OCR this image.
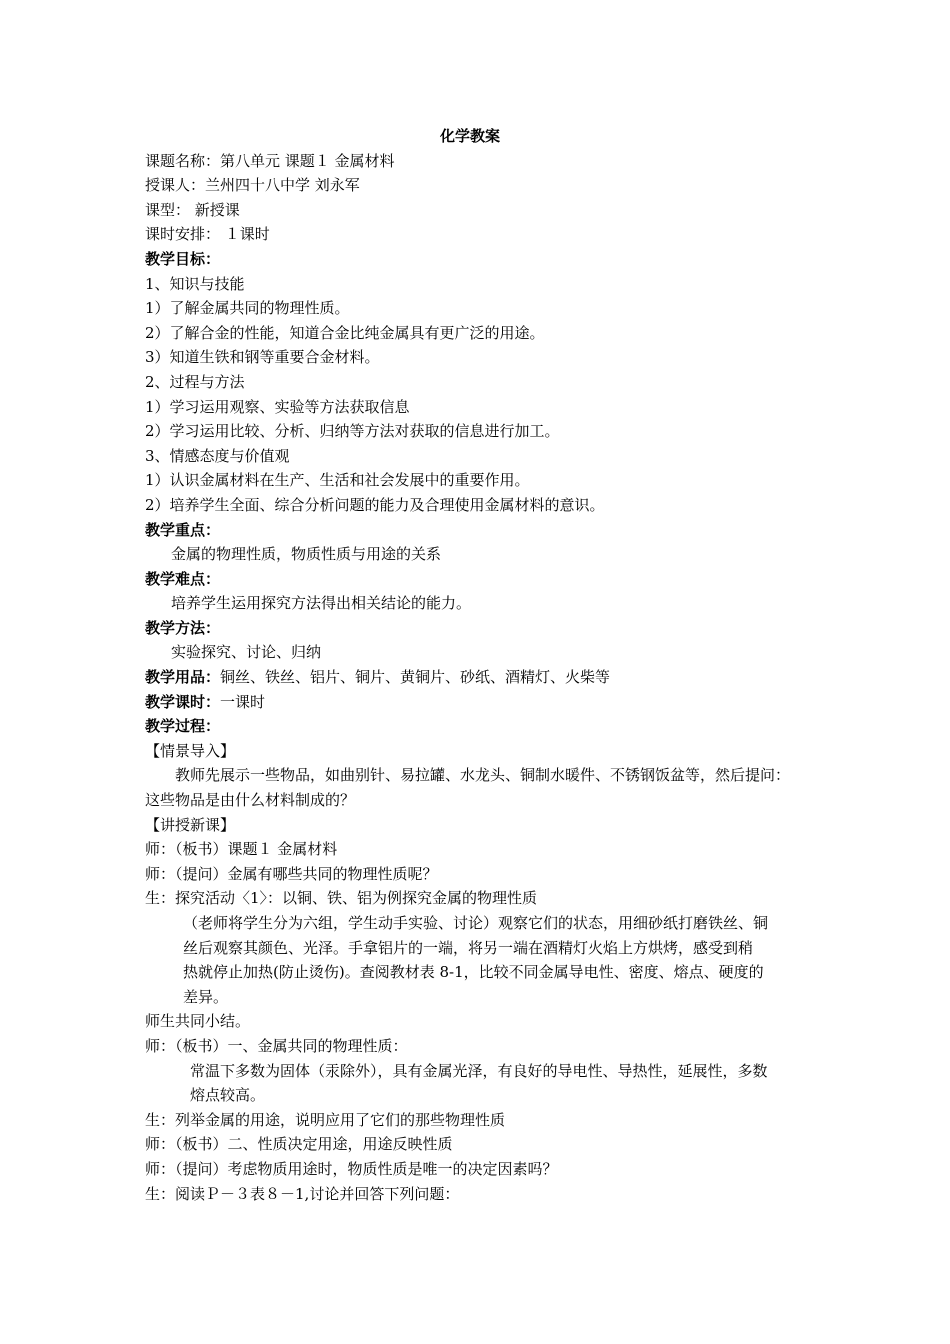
化学教案
课题名称：第八单元 课题１ 金属材料
授课人：兰州四十八中学 刘永军
课型： 新授课
课时安排： １课时
教学目标：
1、知识与技能
1）了解金属共同的物理性质。
2）了解合金的性能，知道合金比纯金属具有更广泛的用途。
3）知道生铁和钢等重要合金材料。
2、过程与方法
1）学习运用观察、实验等方法获取信息
2）学习运用比较、分析、归纳等方法对获取的信息进行加工。
3、情感态度与价值观
1）认识金属材料在生产、生活和社会发展中的重要作用。
2）培养学生全面、综合分析问题的能力及合理使用金属材料的意识。
教学重点：
金属的物理性质，物质性质与用途的关系
教学难点：
培养学生运用探究方法得出相关结论的能力。
教学方法：
实验探究、讨论、归纳
教学用品：铜丝、铁丝、铝片、铜片、黄铜片、砂纸、酒精灯、火柴等
教学课时：一课时
教学过程：
【情景导入】
教师先展示一些物品，如曲别针、易拉罐、水龙头、铜制水暖件、不锈钢饭盆等，然后提问：
这些物品是由什么材料制成的？
【讲授新课】
师：（板书）课题１ 金属材料
师：（提问）金属有哪些共同的物理性质呢？
生：探究活动〈1〉：以铜、铁、铝为例探究金属的物理性质
（老师将学生分为六组，学生动手实验、讨论）观察它们的状态，用细砂纸打磨铁丝、铜
丝后观察其颜色、光泽。手拿铝片的一端，将另一端在酒精灯火焰上方烘烤，感受到稍
热就停止加热(防止烫伤)。查阅教材表 8-1，比较不同金属导电性、密度、熔点、硬度的
差异。
师生共同小结。
师：（板书）一、金属共同的物理性质：
常温下多数为固体（汞除外），具有金属光泽，有良好的导电性、导热性，延展性，多数
熔点较高。
生：列举金属的用途，说明应用了它们的那些物理性质
师：（板书）二、性质决定用途，用途反映性质
师：（提问）考虑物质用途时，物质性质是唯一的决定因素吗？
生：阅读Ｐ－３表８－1,讨论并回答下列问题：
